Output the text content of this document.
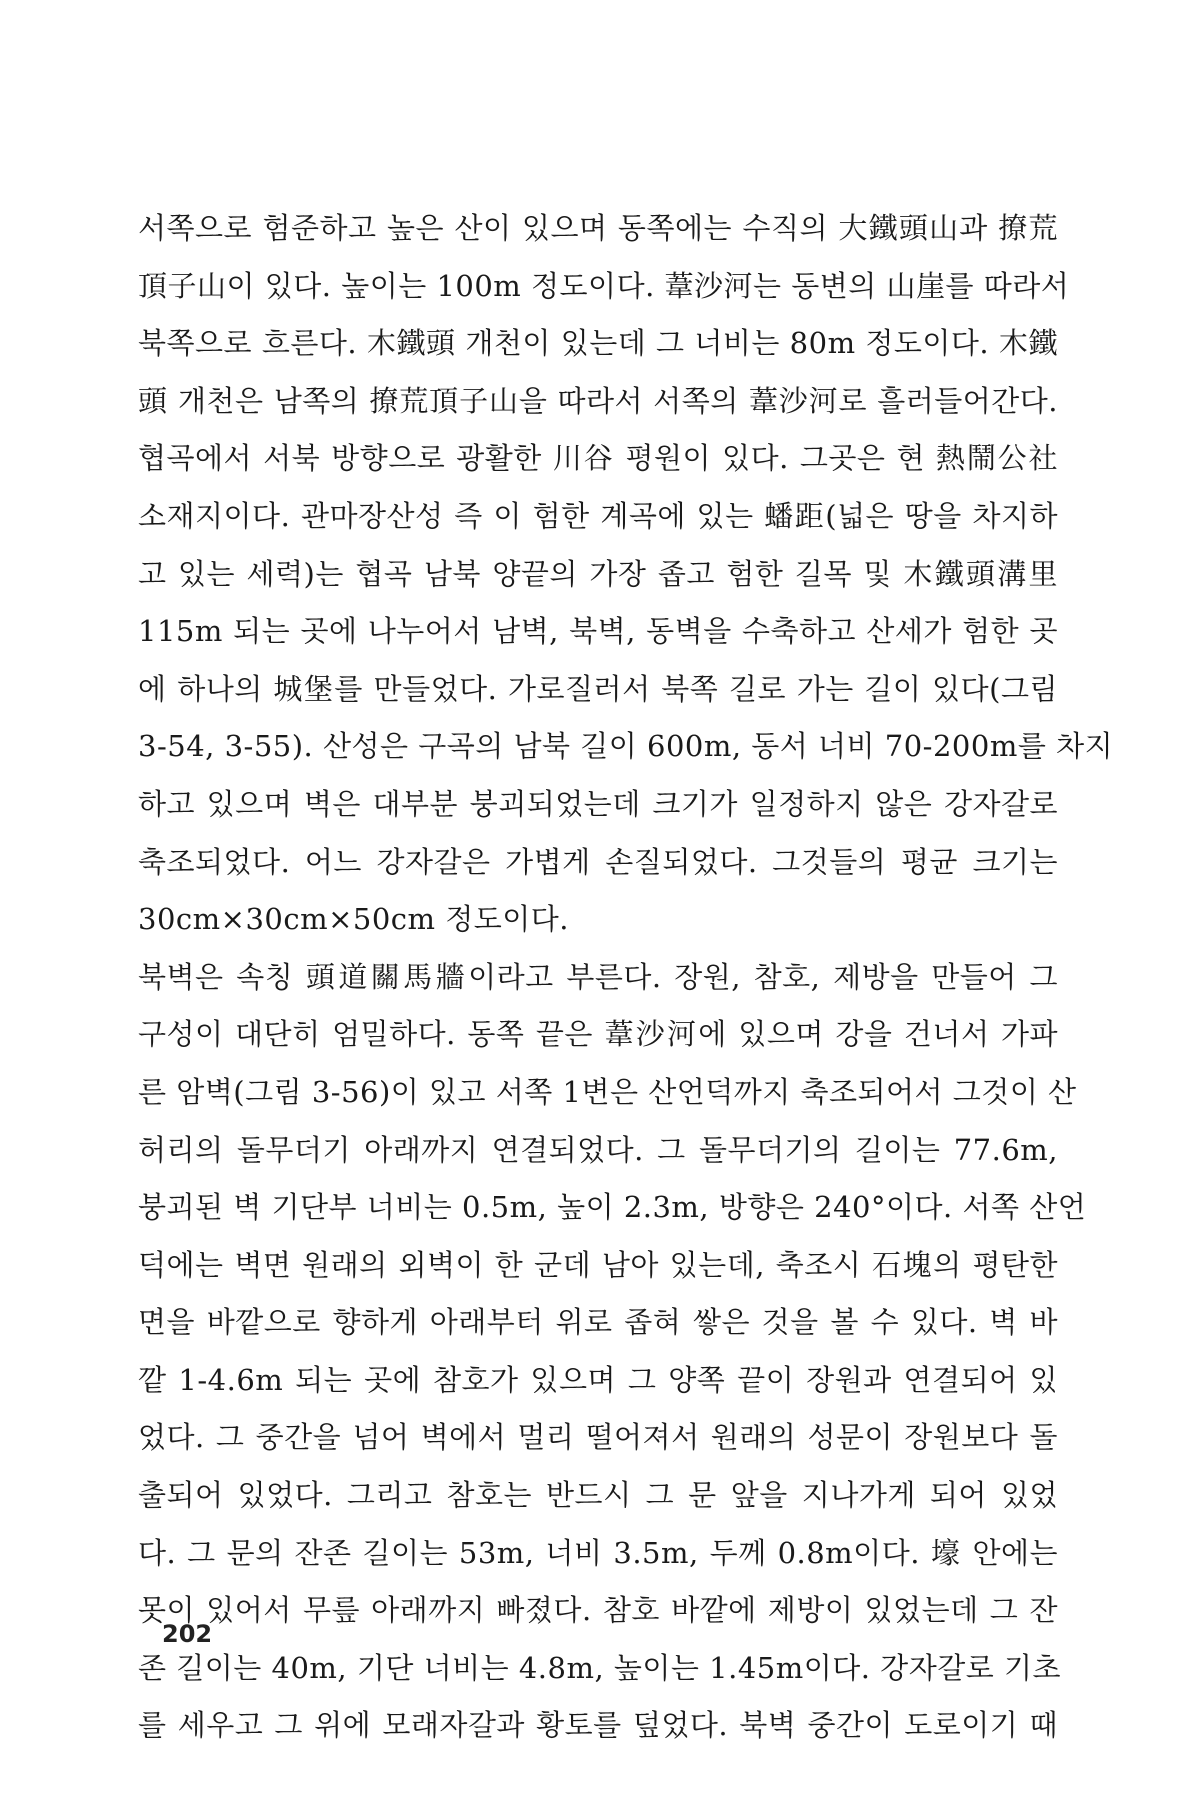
서쪽으로 험준하고 높은 산이 있으며 동쪽에는 수직의 大鐵頭山과 撩荒
頂子山이 있다. 높이는 100m 정도이다. 葦沙河는 동변의 山崖를 따라서
북쪽으로 흐른다. 木鐵頭 개천이 있는데 그 너비는 80m 정도이다. 木鐵
頭 개천은 남쪽의 撩荒頂子山을 따라서 서쪽의 葦沙河로 흘러들어간다.
협곡에서 서북 방향으로 광활한 川谷 평원이 있다. 그곳은 현 熱鬧公社
소재지이다. 관마장산성 즉 이 험한 계곡에 있는 蟠距(넓은 땅을 차지하
고 있는 세력)는 협곡 남북 양끝의 가장 좁고 험한 길목 및 木鐵頭溝里
115m 되는 곳에 나누어서 남벽, 북벽, 동벽을 수축하고 산세가 험한 곳
에 하나의 城堡를 만들었다. 가로질러서 북쪽 길로 가는 길이 있다(그림
3-54, 3-55). 산성은 구곡의 남북 길이 600m, 동서 너비 70-200m를 차지
하고 있으며 벽은 대부분 붕괴되었는데 크기가 일정하지 않은 강자갈로
축조되었다. 어느 강자갈은 가볍게 손질되었다. 그것들의 평균 크기는
30cm×30cm×50cm 정도이다.
북벽은 속칭 頭道關馬牆이라고 부른다. 장원, 참호, 제방을 만들어 그
구성이 대단히 엄밀하다. 동쪽 끝은 葦沙河에 있으며 강을 건너서 가파
른 암벽(그림 3-56)이 있고 서쪽 1변은 산언덕까지 축조되어서 그것이 산
허리의 돌무더기 아래까지 연결되었다. 그 돌무더기의 길이는 77.6m,
붕괴된 벽 기단부 너비는 0.5m, 높이 2.3m, 방향은 240°이다. 서쪽 산언
덕에는 벽면 원래의 외벽이 한 군데 남아 있는데, 축조시 石塊의 평탄한
면을 바깥으로 향하게 아래부터 위로 좁혀 쌓은 것을 볼 수 있다. 벽 바
깥 1-4.6m 되는 곳에 참호가 있으며 그 양쪽 끝이 장원과 연결되어 있
었다. 그 중간을 넘어 벽에서 멀리 떨어져서 원래의 성문이 장원보다 돌
출되어 있었다. 그리고 참호는 반드시 그 문 앞을 지나가게 되어 있었
다. 그 문의 잔존 길이는 53m, 너비 3.5m, 두께 0.8m이다. 壕 안에는
못이 있어서 무릎 아래까지 빠졌다. 참호 바깥에 제방이 있었는데 그 잔
존 길이는 40m, 기단 너비는 4.8m, 높이는 1.45m이다. 강자갈로 기초
를 세우고 그 위에 모래자갈과 황토를 덮었다. 북벽 중간이 도로이기 때
202
